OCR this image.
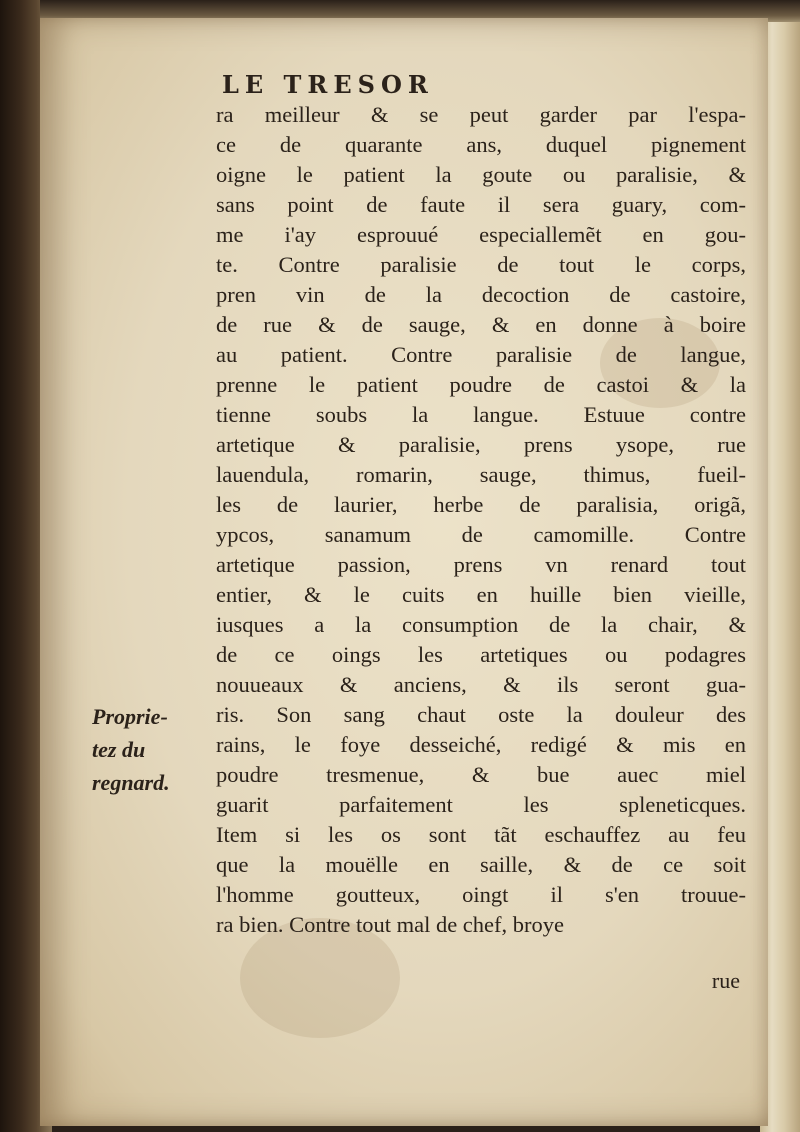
LE TRESOR
Proprie-
tez du
regnard.
ra meilleur & se peut garder par l'espa-
ce de quarante ans, duquel pignement
oigne le patient la goute ou paralisie, &
sans point de faute il sera guary, com-
me i'ay esprouué especiallemẽt en gou-
te. Contre paralisie de tout le corps,
pren vin de la decoction de castoire,
de rue & de sauge, & en donne à boire
au patient. Contre paralisie de langue,
prenne le patient poudre de castoi & la
tienne soubs la langue. Estuue contre
artetique & paralisie, prens ysope, rue
lauendula, romarin, sauge, thimus, fueil-
les de laurier, herbe de paralisia, origã,
ypcos, sanamum de camomille. Contre
artetique passion, prens vn renard tout
entier, & le cuits en huille bien vieille,
iusques a la consumption de la chair, &
de ce oings les artetiques ou podagres
nouueaux & anciens, & ils seront gua-
ris. Son sang chaut oste la douleur des
rains, le foye desseiché, redigé & mis en
poudre tresmenue, & bue auec miel
guarit parfaitement les spleneticques.
Item si les os sont tãt eschauffez au feu
que la mouëlle en saille, & de ce soit
l'homme goutteux, oingt il s'en trouue-
ra bien. Contre tout mal de chef, broye
rue
